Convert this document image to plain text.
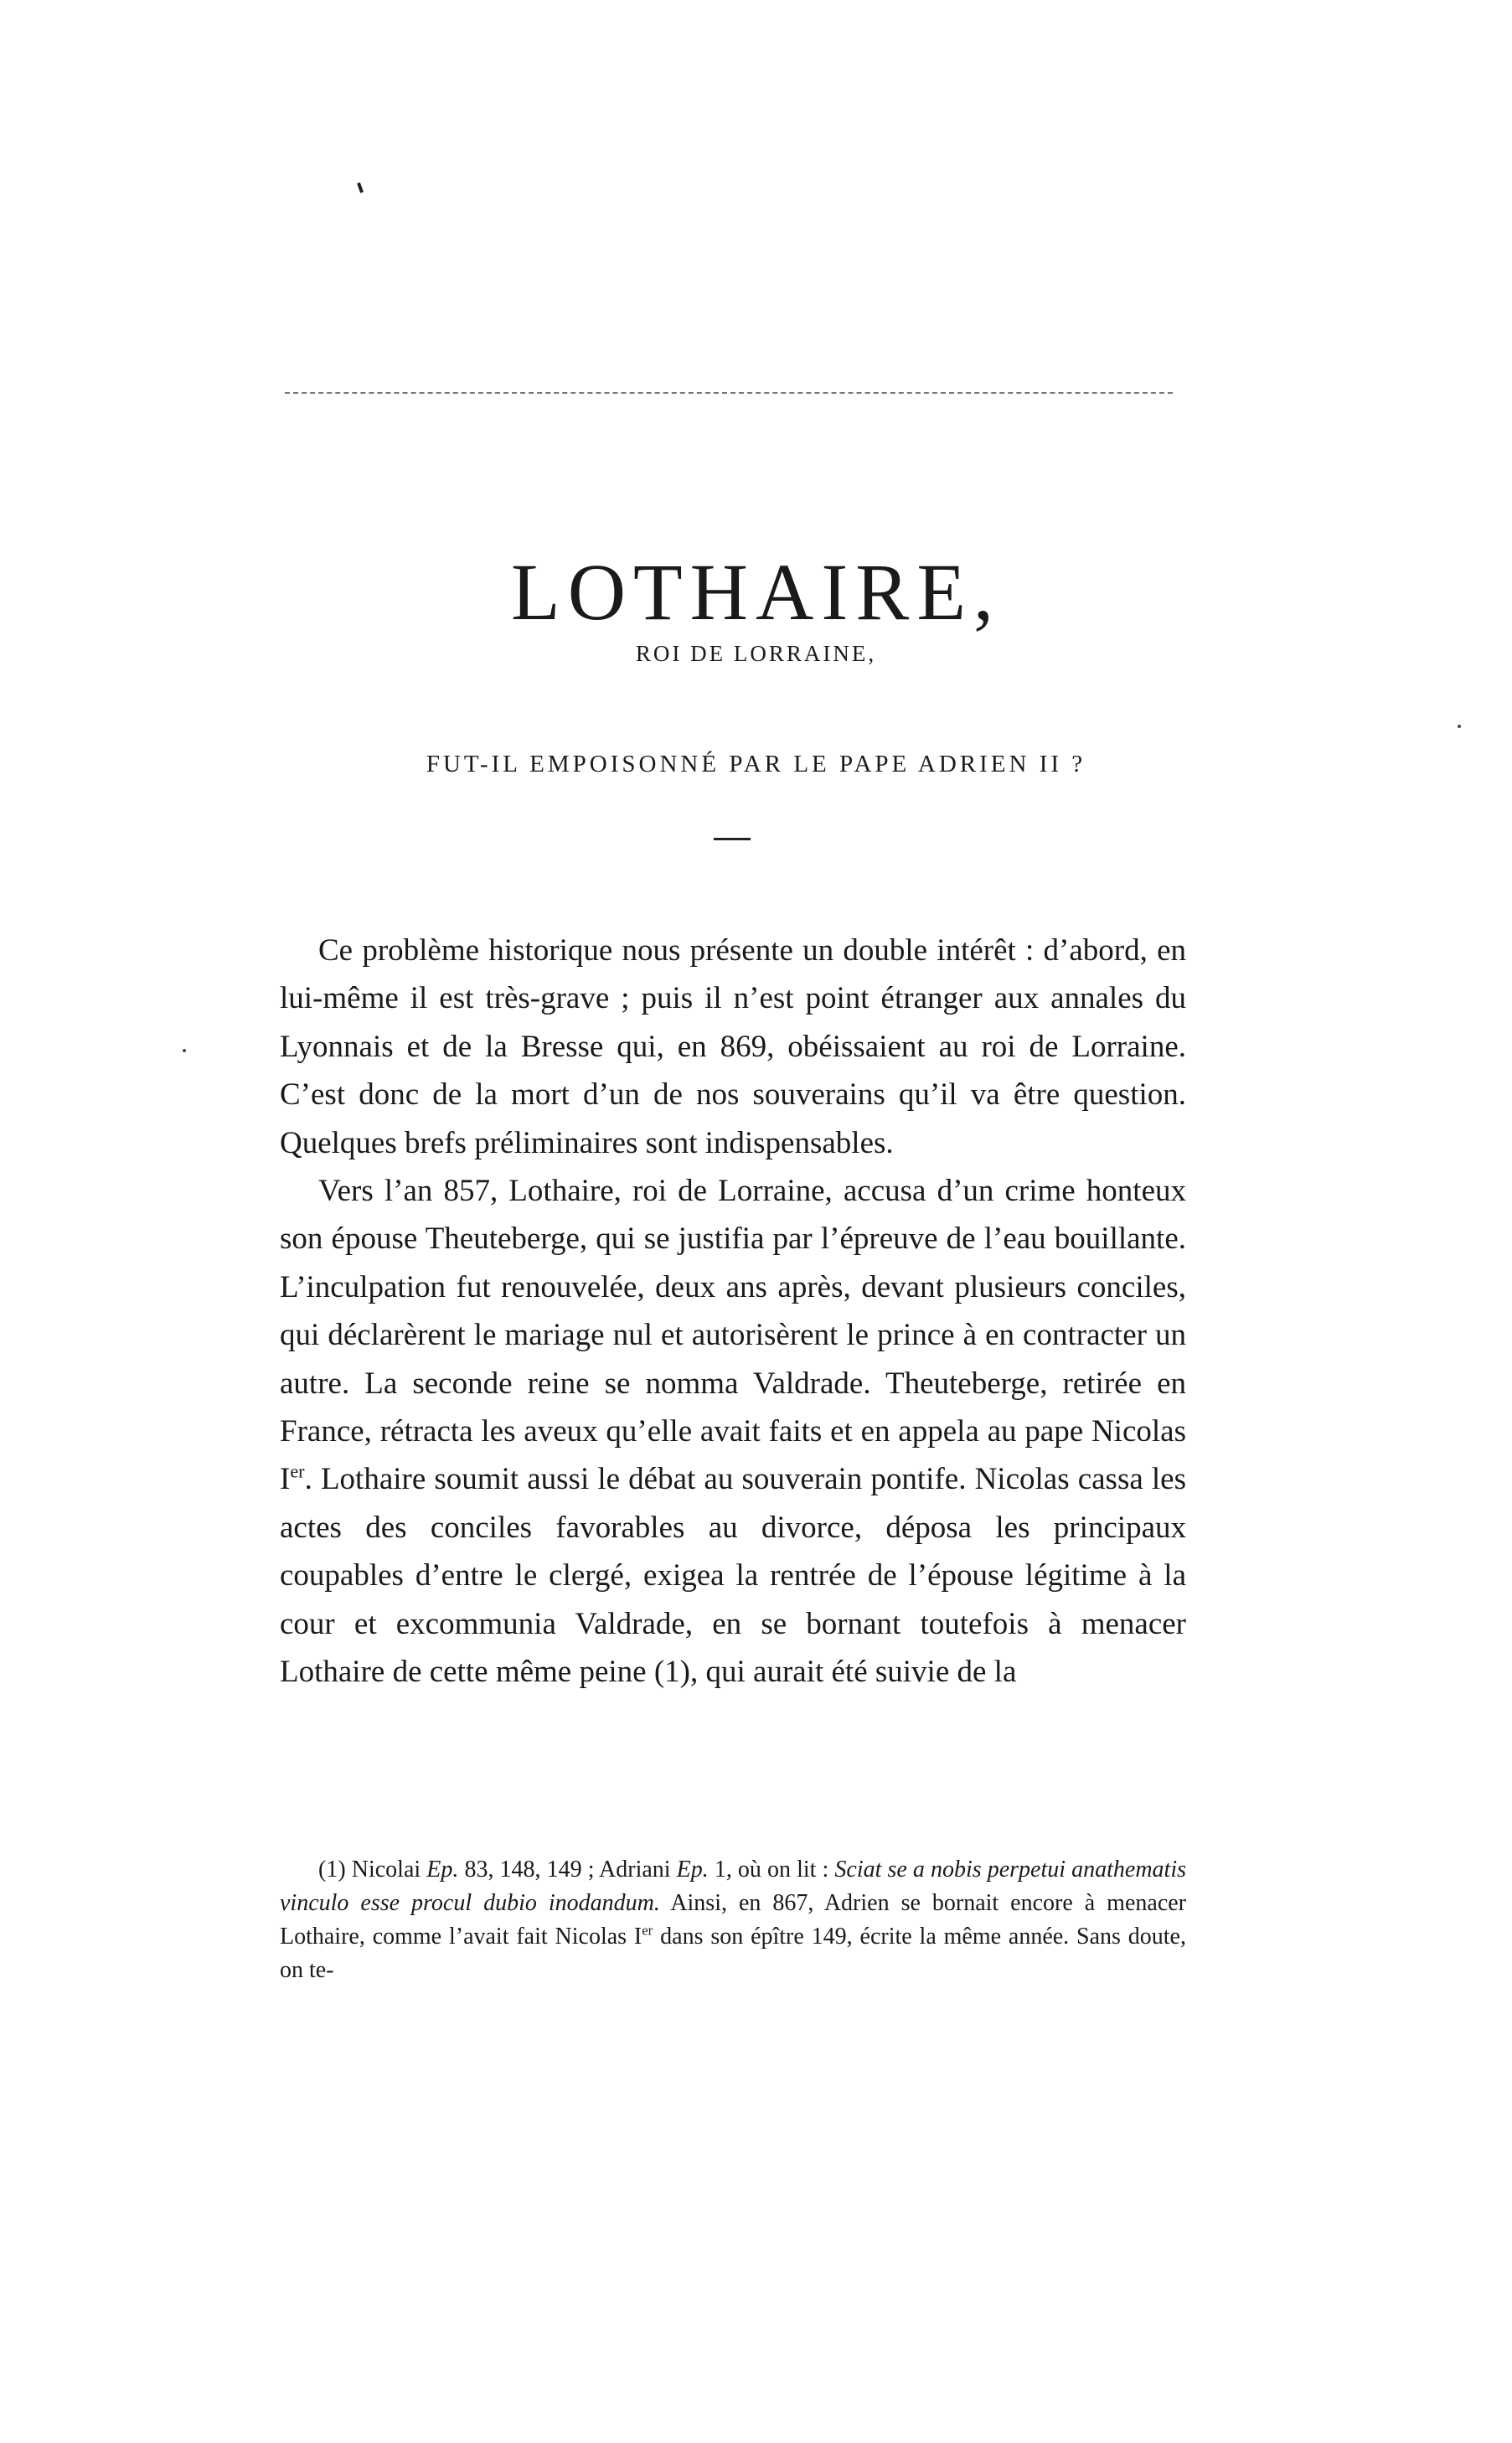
LOTHAIRE,
ROI DE LORRAINE,
FUT-IL EMPOISONNÉ PAR LE PAPE ADRIEN II ?

Ce problème historique nous présente un double intérêt : d’abord, en lui-même il est très-grave ; puis il n’est point étranger aux annales du Lyonnais et de la Bresse qui, en 869, obéissaient au roi de Lorraine. C’est donc de la mort d’un de nos souverains qu’il va être question. Quelques brefs préliminaires sont indispensables.

Vers l’an 857, Lothaire, roi de Lorraine, accusa d’un crime honteux son épouse Theuteberge, qui se justifia par l’épreuve de l’eau bouillante. L’inculpation fut renouvelée, deux ans après, devant plusieurs conciles, qui déclarèrent le mariage nul et autorisèrent le prince à en contracter un autre. La seconde reine se nomma Valdrade. Theuteberge, retirée en France, rétracta les aveux qu’elle avait faits et en appela au pape Nicolas Ier. Lothaire soumit aussi le débat au souverain pontife. Nicolas cassa les actes des conciles favorables au divorce, déposa les principaux coupables d’entre le clergé, exigea la rentrée de l’épouse légitime à la cour et excommunia Valdrade, en se bornant toutefois à menacer Lothaire de cette même peine (1), qui aurait été suivie de la

(1) Nicolai Ep. 83, 148, 149 ; Adriani Ep. 1, où on lit : Sciat se a nobis perpetui anathematis vinculo esse procul dubio inodandum. Ainsi, en 867, Adrien se bornait encore à menacer Lothaire, comme l’avait fait Nicolas Ier dans son épître 149, écrite la même année. Sans doute, on te-
